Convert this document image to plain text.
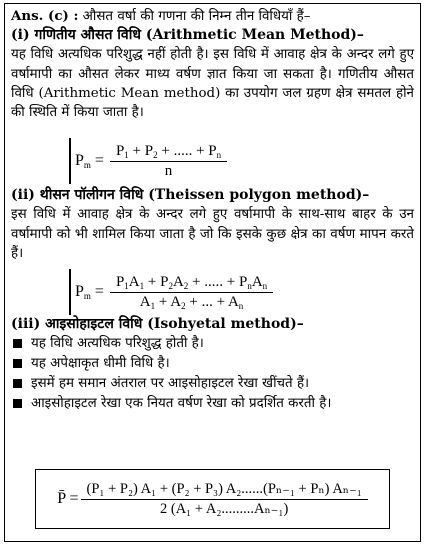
Ans. (c) : औसत वर्षा की गणना की निम्न तीन विधियाँ हैं–
(i) गणितीय औसत विधि (Arithmetic Mean Method)–
यह विधि अत्यधिक परिशुद्ध नहीं होती है। इस विधि में आवाह क्षेत्र के अन्दर लगे हुए वर्षामापी का औसत लेकर माध्य वर्षण ज्ञात किया जा सकता है। गणितीय औसत विधि (Arithmetic Mean method) का उपयोग जल ग्रहण क्षेत्र समतल होने की स्थिति में किया जाता है।
$P_m = \frac{P_1 + P_2 + ..... + P_n}{n}$
(ii) थीसन पॉलीगन विधि (Theissen polygon method)–
इस विधि में आवाह क्षेत्र के अन्दर लगे हुए वर्षामापी के साथ-साथ बाहर के उन वर्षामापी को भी शामिल किया जाता है जो कि इसके कुछ क्षेत्र का वर्षण मापन करते हैं।
$P_m = \frac{P_1A_1 + P_2A_2 + ..... + P_nA_n}{A_1 + A_2 + ... + A_n}$
(iii) आइसोहाइटल विधि (Isohyetal method)–
यह विधि अत्यधिक परिशुद्ध होती है।
यह अपेक्षाकृत धीमी विधि है।
इसमें हम समान अंतराल पर आइसोहाइटल रेखा खींचते हैं।
आइसोहाइटल रेखा एक नियत वर्षण रेखा को प्रदर्शित करती है।
P̄ = $\frac{\text{(P₁ + P₂) A₁ + (P₂ + P₃) A₂......(Pₙ₋₁ + Pₙ) Aₙ₋₁}}{\text{2 (A₁ + A₂.........Aₙ₋₁)}}$
